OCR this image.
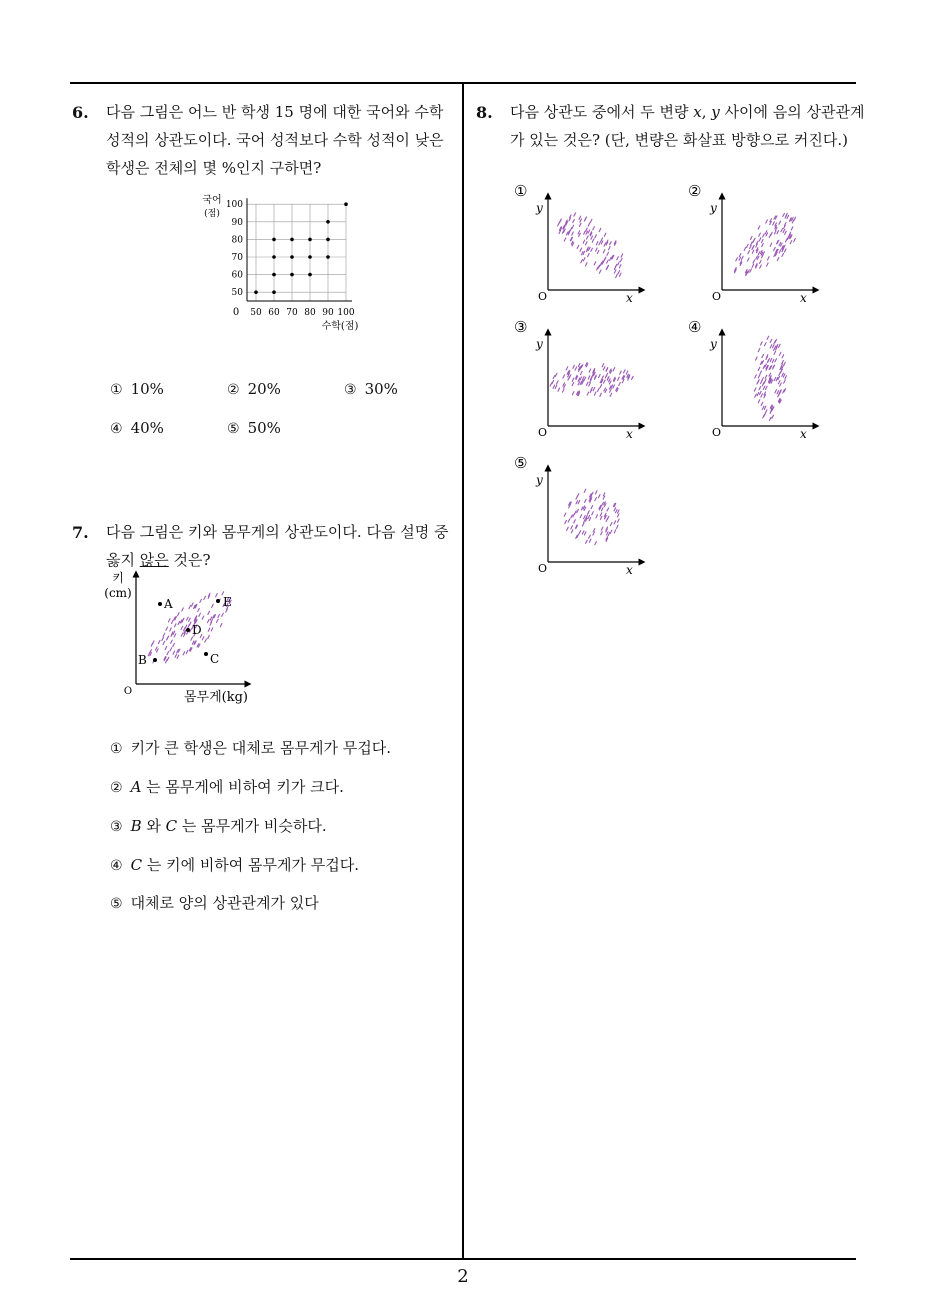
2
6. 다음 그림은 어느 반 학생 15 명에 대한 국어와 수학
성적의 상관도이다. 국어 성적보다 수학 성적이 낮은
학생은 전체의 몇 %인지 구하면?
50 60 70 80 90 100
50
60
70
80
90
100
국어
(점)
0
수학(점)
① 10%	② 20%	③ 30%
④ 40%	⑤ 50%
7. 다음 그림은 키와 몸무게의 상관도이다. 다음 설명 중
옳지 않은 것은?
키
(cm)
O	몸무게(kg)
A	E
D
B	C
① 키가 큰 학생은 대체로 몸무게가 무겁다.
② A 는 몸무게에 비하여 키가 크다.
③ B 와 C 는 몸무게가 비슷하다.
④ C 는 키에 비하여 몸무게가 무겁다.
⑤ 대체로 양의 상관관계가 있다
8. 다음 상관도 중에서 두 변량 x, y 사이에 음의 상관관계
가 있는 것은? (단, 변량은 화살표 방향으로 커진다.)
①
y
x
O
②
y
x
O
③
y
x
O
④
y
x
O
⑤
y
x
O
